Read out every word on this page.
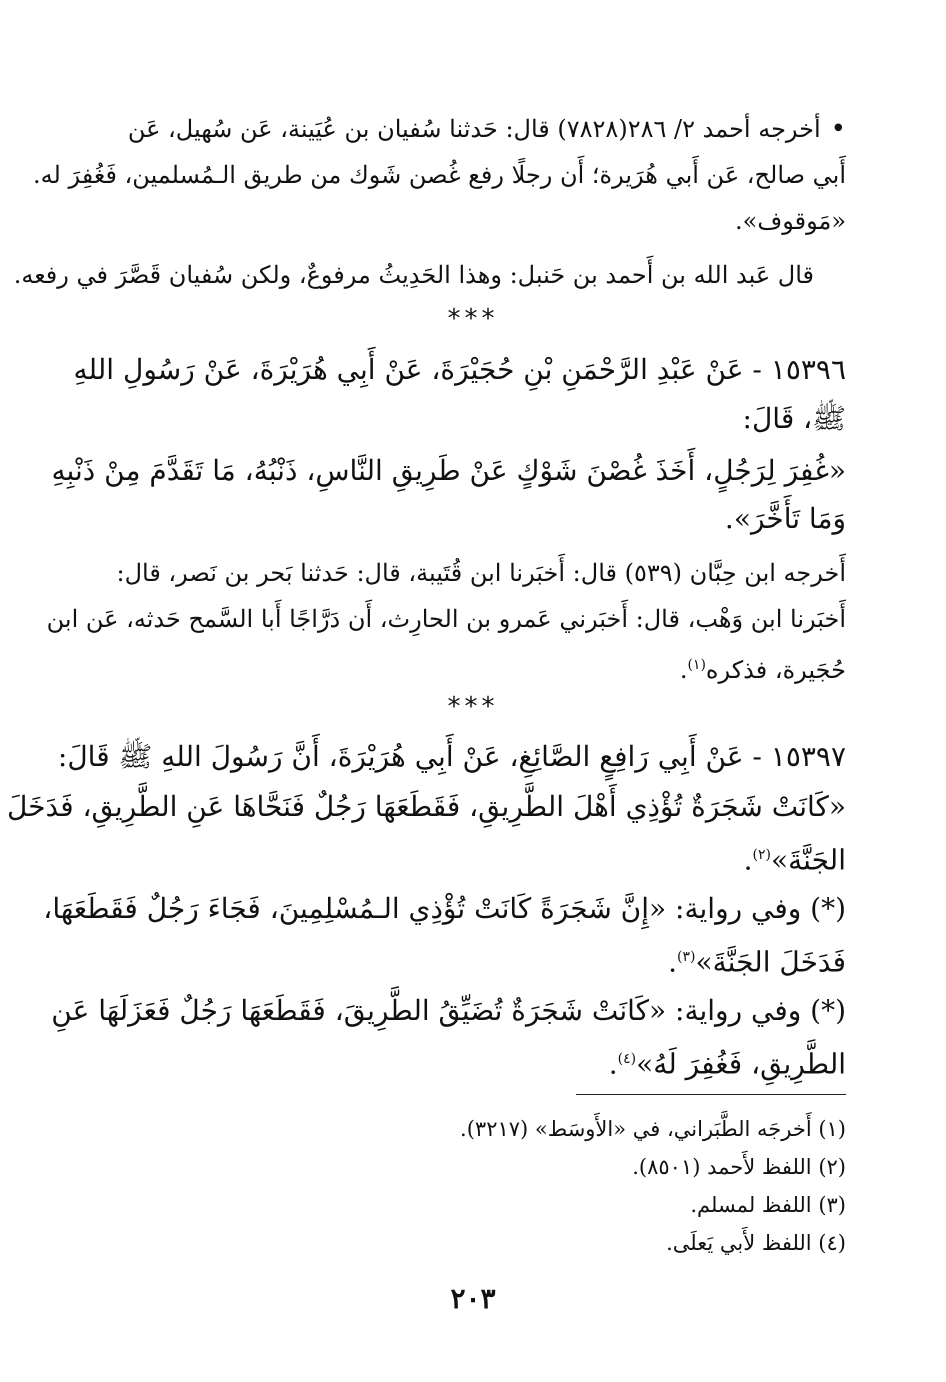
•أخرجه أحمد ٢/ ٢٨٦(٧٨٢٨) قال: حَدثنا سُفيان بن عُيَينة، عَن سُهيل، عَن
أَبي صالح، عَن أَبي هُرَيرة؛ أَن رجلًا رفع غُصن شَوك من طريق الـمُسلمين، فَغُفِرَ له.
«مَوقوف».
قال عَبد الله بن أَحمد بن حَنبل: وهذا الحَدِيثُ مرفوعٌ، ولكن سُفيان قَصَّرَ في رفعه.
***
١٥٣٩٦ - عَنْ عَبْدِ الرَّحْمَنِ بْنِ حُجَيْرَةَ، عَنْ أَبِي هُرَيْرَةَ، عَنْ رَسُولِ اللهِ
ﷺ، قَالَ:
«غُفِرَ لِرَجُلٍ، أَخَذَ غُصْنَ شَوْكٍ عَنْ طَرِيقِ النَّاسِ، ذَنْبُهُ، مَا تَقَدَّمَ مِنْ ذَنْبِهِ
وَمَا تَأَخَّرَ».
أَخرجه ابن حِبَّان (٥٣٩) قال: أَخبَرنا ابن قُتَيبة، قال: حَدثنا بَحر بن نَصر، قال:
أَخبَرنا ابن وَهْب، قال: أَخبَرني عَمرو بن الحارِث، أَن دَرَّاجًا أَبا السَّمح حَدثه، عَن ابن
حُجَيرة، فذكره$^{(١)}$.
***
١٥٣٩٧ - عَنْ أَبِي رَافِعٍ الصَّائِغِ، عَنْ أَبِي هُرَيْرَةَ، أَنَّ رَسُولَ اللهِ ﷺ قَالَ:
«كَانَتْ شَجَرَةٌ تُؤْذِي أَهْلَ الطَّرِيقِ، فَقَطَعَهَا رَجُلٌ فَنَحَّاهَا عَنِ الطَّرِيقِ، فَدَخَلَ
الجَنَّةَ»$^{(٢)}$.
(*) وفي رواية: «إِنَّ شَجَرَةً كَانَتْ تُؤْذِي الـمُسْلِمِينَ، فَجَاءَ رَجُلٌ فَقَطَعَهَا،
فَدَخَلَ الجَنَّةَ»$^{(٣)}$.
(*) وفي رواية: «كَانَتْ شَجَرَةٌ تُضَيِّقُ الطَّرِيقَ، فَقَطَعَهَا رَجُلٌ فَعَزَلَهَا عَنِ
الطَّرِيقِ، فَغُفِرَ لَهُ»$^{(٤)}$.
(١) أَخرجَه الطَّبَراني، في «الأَوسَط» (٣٢١٧).
(٢) اللفظ لأَحمد (٨٥٠١).
(٣) اللفظ لمسلم.
(٤) اللفظ لأَبي يَعلَى.
٢٠٣
